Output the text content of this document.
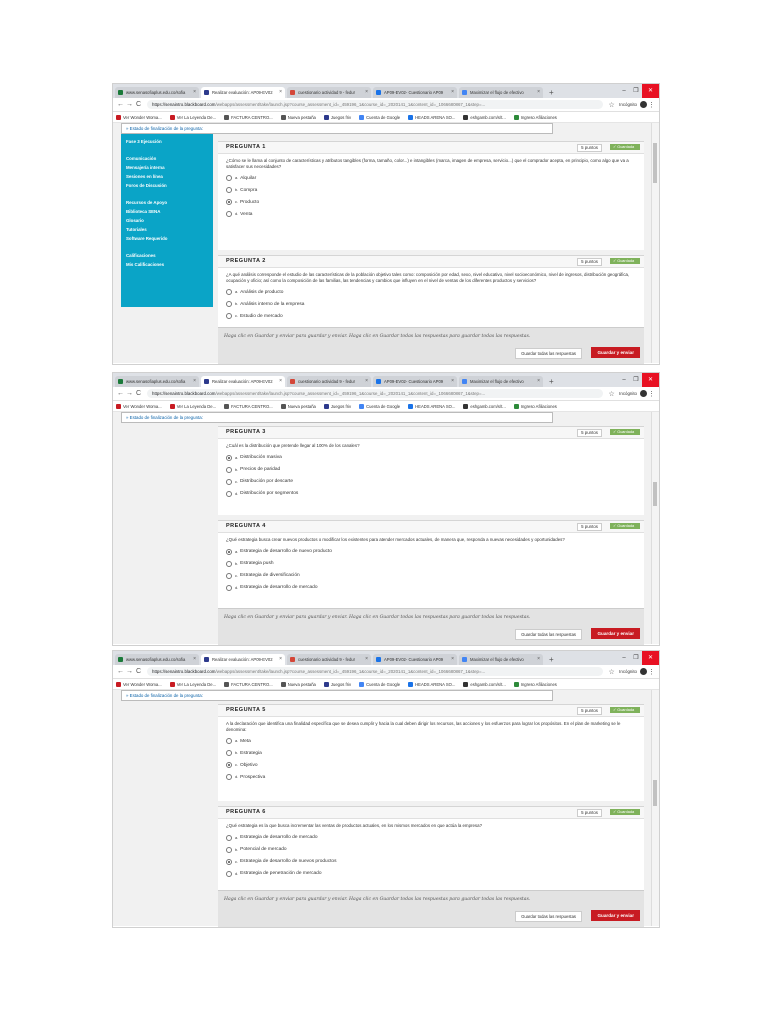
www.senasofiaplus.edu.co/sofia ×	Realizar evaluación: AP09-EV02 ×	cuestionario actividad 9 - fedur ×	AP09-EV02- Cuestionario AP09 ×	Maximizar el flujo de efectivo	× +	–	❐	✕
← → C	https://senaintro.blackboard.com/webapps/assessment/take/launch.jsp?course_assessment_id=_459196_1&course_id=_2020141_1&content_id=_1066680867_1&step=...	☆ Incógnito ⋮
Ver Wonder Woma...	Ver La Leyenda De...	FACTURA CENTRO...	Nueva pestaña	Juegos friv	Cuenta de Google	HEADS ARENA SO...	eshgamb.com/s/t...	Ingreso Afiliaciones
Fase 3 Ejecución
Comunicación
Mensajería interna
Sesiones en línea
Foros de Discusión
Recursos de Apoyo
Biblioteca SENA
Glosario
Tutoriales
Software Requerido
Calificaciones
Mis Calificaciones
» Estado de finalización de la pregunta:
PREGUNTA 1	5 puntos	✓ Guardada
¿Cómo se le llama al conjunto de características y atributos tangibles (forma, tamaño, color...) e intangibles (marca, imagen de empresa, servicio...) que el comprador acepta, en principio, como algo que va a satisfacer sus necesidades?
a. Alquilar
b. Compra
c. Producto
d. Venta
PREGUNTA 2	5 puntos	✓ Guardada
¿A qué análisis corresponde el estudio de las características de la población objetivo tales como: composición por edad, sexo, nivel educativo, nivel socioeconómico, nivel de ingresos, distribución geográfica, ocupación y oficio; así como la composición de las familias, las tendencias y cambios que influyen en el nivel de ventas de los diferentes productos y servicios?
a. Análisis de producto
b. Análisis interno de la empresa
c. Estudio de mercado
Haga clic en Guardar y enviar para guardar y enviar. Haga clic en Guardar todas las respuestas para guardar todas las respuestas.
Guardar todas las respuestas	Guardar y enviar
www.senasofiaplus.edu.co/sofia ×	Realizar evaluación: AP09-EV02 ×	cuestionario actividad 9 - fedur ×	AP09-EV02- Cuestionario AP09 ×	Maximizar el flujo de efectivo	× +	–	❐	✕
← → C	https://senaintro.blackboard.com/webapps/assessment/take/launch.jsp?course_assessment_id=_459196_1&course_id=_2020141_1&content_id=_1066680867_1&step=...	☆ Incógnito ⋮
Ver Wonder Woma...	Ver La Leyenda De...	FACTURA CENTRO...	Nueva pestaña	Juegos friv	Cuenta de Google	HEADS ARENA SO...	eshgamb.com/s/t...	Ingreso Afiliaciones
» Estado de finalización de la pregunta:
PREGUNTA 3	5 puntos	✓ Guardada
¿Cuál es la distribución que pretende llegar al 100% de los canales?
a. Distribución masiva
b. Precios de paridad
c. Distribución por descarte
d. Distribución por segmentos
PREGUNTA 4	5 puntos	✓ Guardada
¿Qué estrategia busca crear nuevos productos o modificar los existentes para atender mercados actuales, de manera que, responda a nuevas necesidades y oportunidades?
a. Estrategia de desarrollo de nuevo producto
b. Estrategia push
c. Estrategia de diversificación
d. Estrategia de desarrollo de mercado
Haga clic en Guardar y enviar para guardar y enviar. Haga clic en Guardar todas las respuestas para guardar todas las respuestas.
Guardar todas las respuestas	Guardar y enviar
www.senasofiaplus.edu.co/sofia ×	Realizar evaluación: AP09-EV02 ×	cuestionario actividad 9 - fedur ×	AP09-EV02- Cuestionario AP09 ×	Maximizar el flujo de efectivo	× +	–	❐	✕
← → C	https://senaintro.blackboard.com/webapps/assessment/take/launch.jsp?course_assessment_id=_459196_1&course_id=_2020141_1&content_id=_1066680867_1&step=...	☆ Incógnito ⋮
Ver Wonder Woma...	Ver La Leyenda De...	FACTURA CENTRO...	Nueva pestaña	Juegos friv	Cuenta de Google	HEADS ARENA SO...	eshgamb.com/s/t...	Ingreso Afiliaciones
» Estado de finalización de la pregunta:
PREGUNTA 5	5 puntos	✓ Guardada
A la declaración que identifica una finalidad específica que se desea cumplir y hacia la cual deben dirigir los recursos, las acciones y los esfuerzos para lograr los propósitos. En el plan de marketing se le denomina:
a. Meta
b. Estrategia
c. Objetivo
d. Prospectiva
PREGUNTA 6	5 puntos	✓ Guardada
¿Qué estrategia es la que busca incrementar las ventas de productos actuales, en los mismos mercados en que actúa la empresa?
a. Estrategia de desarrollo de mercado
b. Potencial de mercado
c. Estrategia de desarrollo de nuevos productos
d. Estrategia de penetración de mercado
Haga clic en Guardar y enviar para guardar y enviar. Haga clic en Guardar todas las respuestas para guardar todas las respuestas.
Guardar todas las respuestas	Guardar y enviar
